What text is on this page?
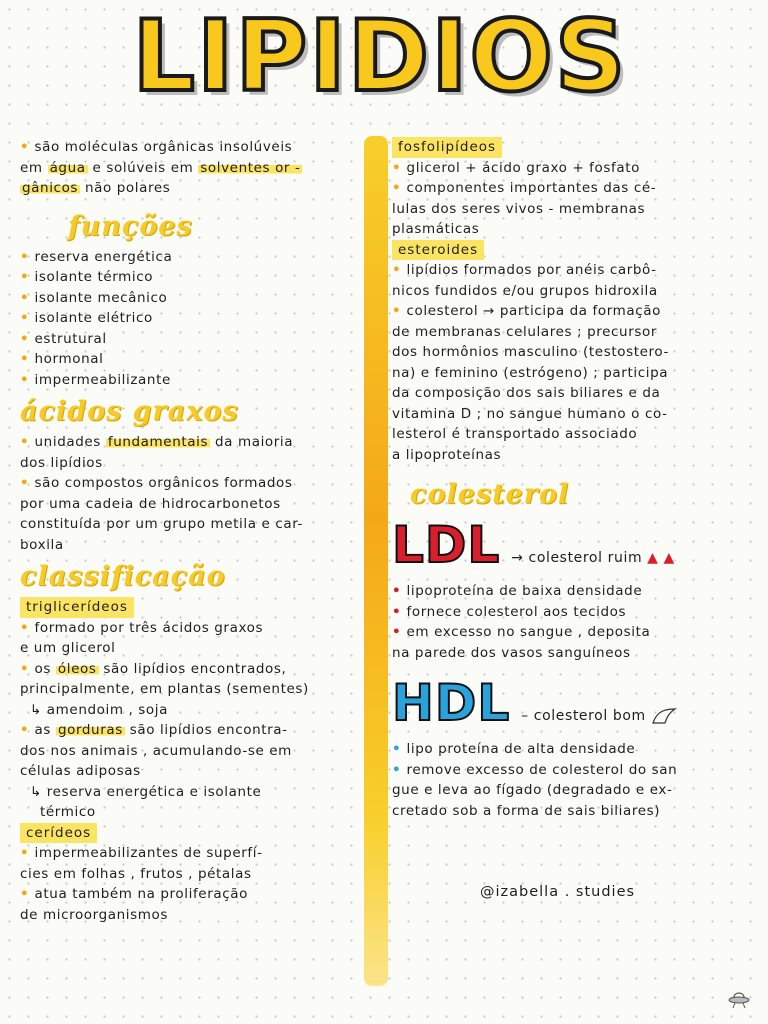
LIPIDIOS
• são moléculas orgânicas insolúveis
em água e solúveis em solventes or -
gânicos não polares
funções
• reserva energética
• isolante térmico
• isolante mecânico
• isolante elétrico
• estrutural
• hormonal
• impermeabilizante
ácidos graxos
• unidades fundamentais da maioria
dos lipídios
• são compostos orgânicos formados
por uma cadeia de hidrocarbonetos
constituída por um grupo metila e car-
boxila
classificação
triglicerídeos
• formado por três ácidos graxos
e um glicerol
• os óleos são lipídios encontrados,
principalmente, em plantas (sementes)
↳ amendoim , soja
• as gorduras são lipídios encontra-
dos nos animais , acumulando-se em
células adiposas
↳ reserva energética e isolante
térmico
cerídeos
• impermeabilizantes de superfí-
cies em folhas , frutos , pétalas
• atua também na proliferação
de microorganismos
fosfolipídeos
• glicerol + ácido graxo + fosfato
• componentes importantes das cé-
lulas dos seres vivos - membranas
plasmáticas
esteroides
• lipídios formados por anéis carbô-
nicos fundidos e/ou grupos hidroxila
• colesterol → participa da formação
de membranas celulares ; precursor
dos hormônios masculino (testostero-
na) e feminino (estrógeno) ; participa
da composição dos sais biliares e da
vitamina D ; no sangue humano o co-
lesterol é transportado associado
a lipoproteínas
colesterol
LDL → colesterol ruim ▲ ▲
• lipoproteína de baixa densidade
• fornece colesterol aos tecidos
• em excesso no sangue , deposita
na parede dos vasos sanguíneos
HDL – colesterol bom
• lipo proteína de alta densidade
• remove excesso de colesterol do san
gue e leva ao fígado (degradado e ex-
cretado sob a forma de sais biliares)
@izabella . studies
